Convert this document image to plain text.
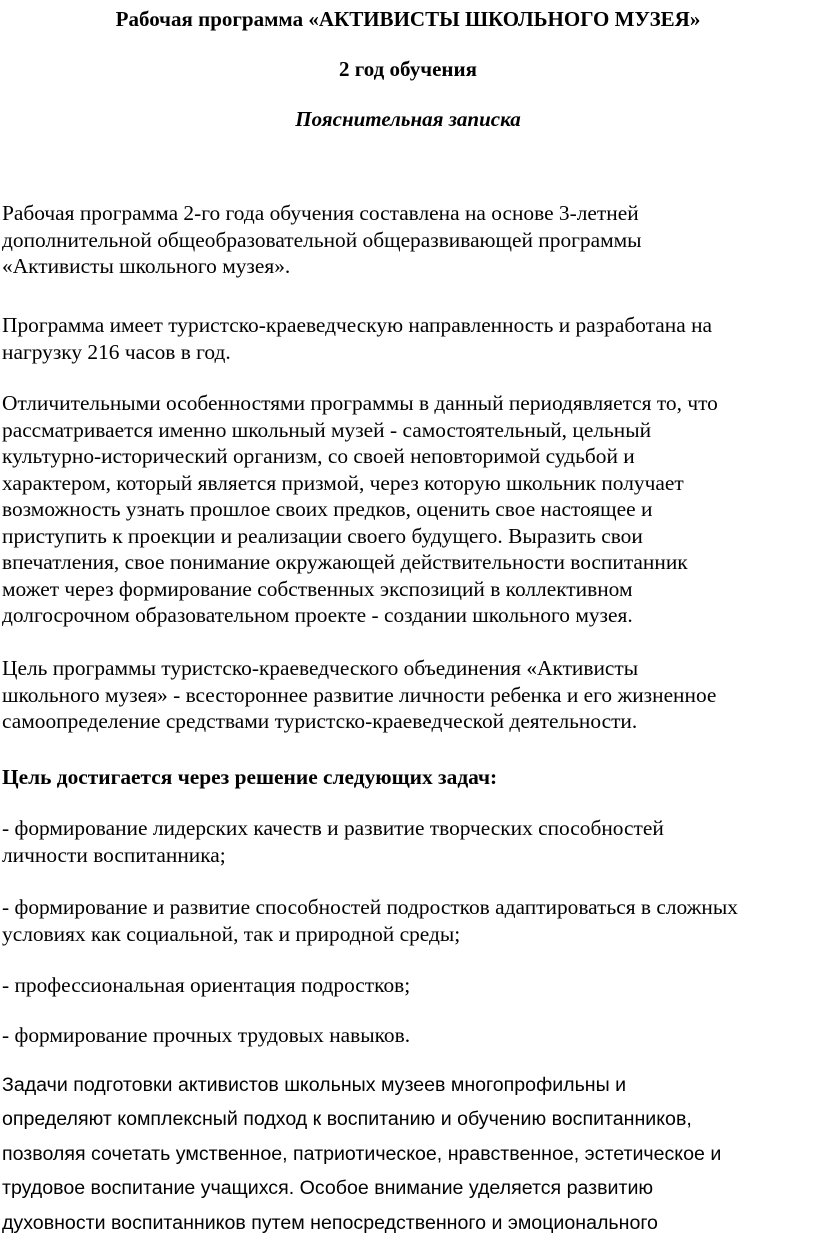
Рабочая программа «АКТИВИСТЫ ШКОЛЬНОГО МУЗЕЯ»
2 год обучения
Пояснительная записка

Рабочая программа 2-го года обучения составлена на основе 3-летней
дополнительной общеобразовательной общеразвивающей программы
«Активисты школьного музея».

Программа имеет туристско-краеведческую направленность и разработана на
нагрузку 216 часов в год.

Отличительными особенностями программы в данный периодявляется то, что
рассматривается именно школьный музей - самостоятельный, цельный
культурно-исторический организм, со своей неповторимой судьбой и
характером, который является призмой, через которую школьник получает
возможность узнать прошлое своих предков, оценить свое настоящее и
приступить к проекции и реализации своего будущего. Выразить свои
впечатления, свое понимание окружающей действительности воспитанник
может через формирование собственных экспозиций в коллективном
долгосрочном образовательном проекте - создании школьного музея.

Цель программы туристско-краеведческого объединения «Активисты
школьного музея» - всестороннее развитие личности ребенка и его жизненное
самоопределение средствами туристско-краеведческой деятельности.

Цель достигается через решение следующих задач:

- формирование лидерских качеств и развитие творческих способностей
личности воспитанника;

- формирование и развитие способностей подростков адаптироваться в сложных
условиях как социальной, так и природной среды;

- профессиональная ориентация подростков;

- формирование прочных трудовых навыков.

Задачи подготовки активистов школьных музеев многопрофильны и
определяют комплексный подход к воспитанию и обучению воспитанников,
позволяя сочетать умственное, патриотическое, нравственное, эстетическое и
трудовое воспитание учащихся. Особое внимание уделяется развитию
духовности воспитанников путем непосредственного и эмоционального
